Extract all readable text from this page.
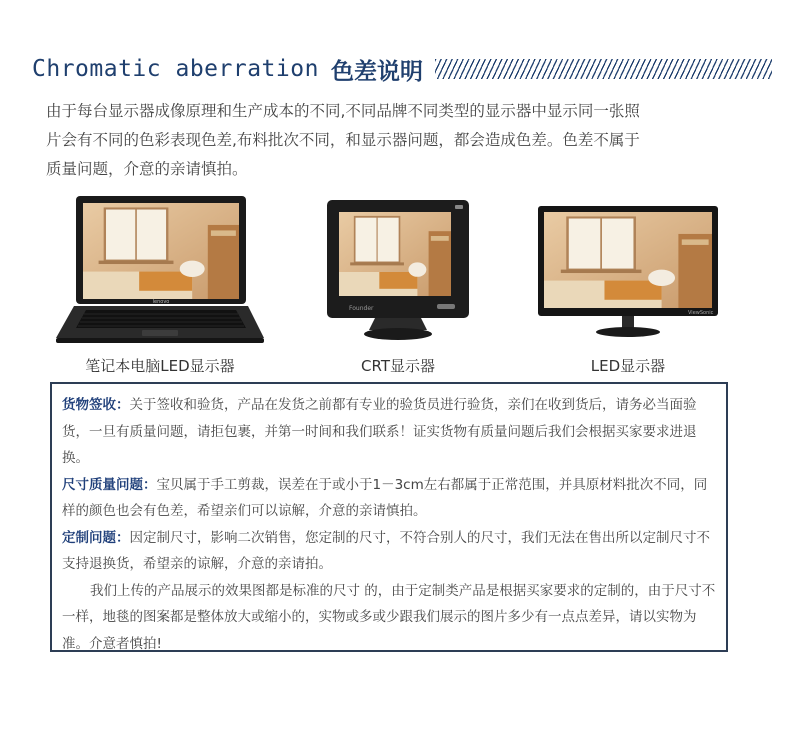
Chromatic aberration 色差说明

由于每台显示器成像原理和生产成本的不同,不同品牌不同类型的显示器中显示同一张照

片会有不同的色彩表现色差,布料批次不同，和显示器问题，都会造成色差。色差不属于

质量问题，介意的亲请慎拍。

lenovo
笔记本电脑LED显示器
Founder
CRT显示器
ViewSonic
LED显示器

货物签收：关于签收和验货，产品在发货之前都有专业的验货员进行验货，亲们在收到货后，请务必当面验货，一旦有质量问题，请拒包裹，并第一时间和我们联系！证实货物有质量问题后我们会根据买家要求进退换。

尺寸质量问题：宝贝属于手工剪裁，误差在于或小于1－3cm左右都属于正常范围，并具原材料批次不同，同样的颜色也会有色差，希望亲们可以谅解，介意的亲请慎拍。

定制问题：因定制尺寸，影响二次销售，您定制的尺寸，不符合别人的尺寸，我们无法在售出所以定制尺寸不支持退换货，希望亲的谅解，介意的亲请拍。

我们上传的产品展示的效果图都是标准的尺寸 的，由于定制类产品是根据买家要求的定制的，由于尺寸不一样，地毯的图案都是整体放大或缩小的，实物或多或少跟我们展示的图片多少有一点点差异，请以实物为准。介意者慎拍!
